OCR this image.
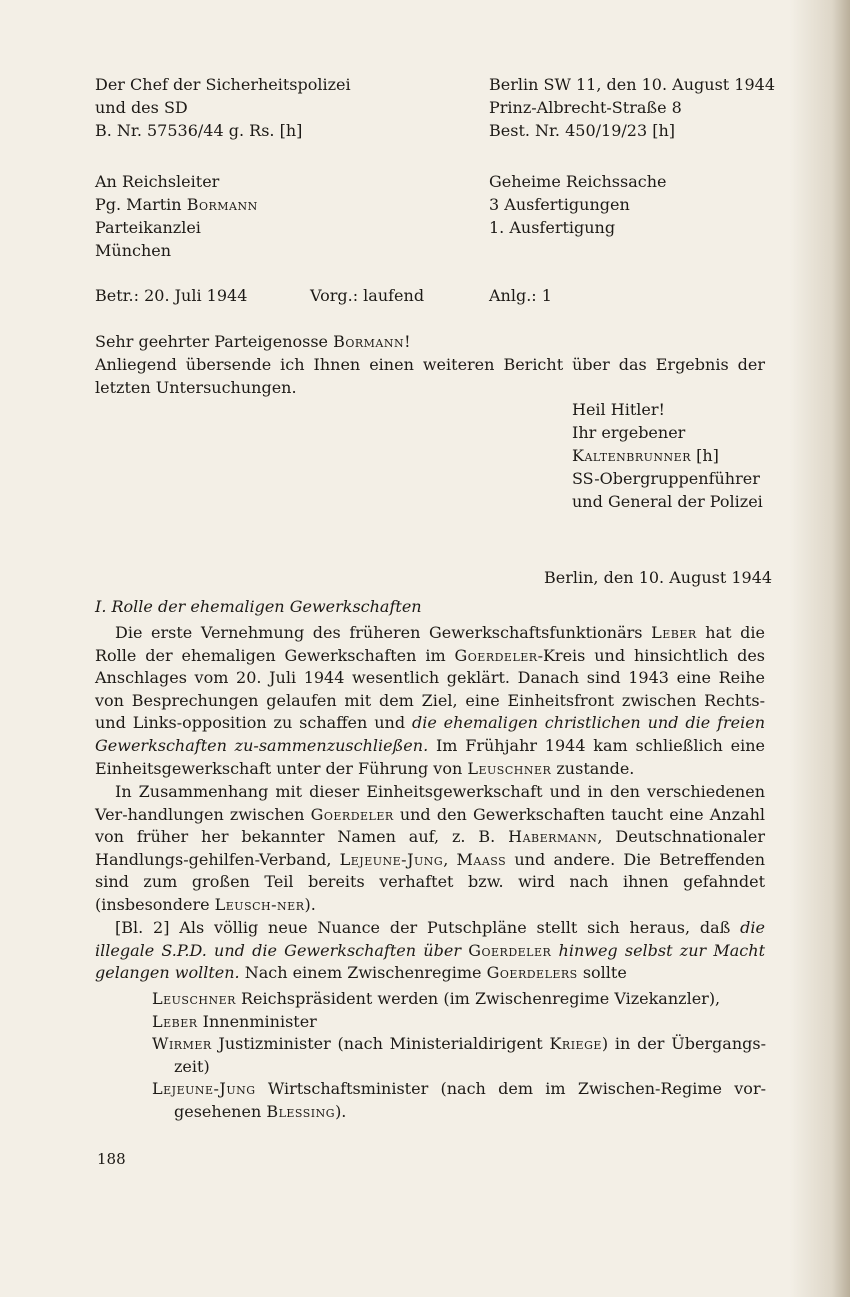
Der Chef der Sicherheitspolizei
und des SD
B. Nr. 57536/44 g. Rs. [h]
Berlin SW 11, den 10. August 1944
Prinz-Albrecht-Straße 8
Best. Nr. 450/19/23 [h]
An Reichsleiter
Pg. Martin Bormann
Parteikanzlei
München
Geheime Reichssache
3 Ausfertigungen
1. Ausfertigung
Betr.: 20. Juli 1944	Vorg.: laufend	Anlg.: 1
Sehr geehrter Parteigenosse Bormann!
Anliegend übersende ich Ihnen einen weiteren Bericht über das Ergebnis der letzten Untersuchungen.
Heil Hitler!
Ihr ergebener
Kaltenbrunner [h]
SS-Obergruppenführer
und General der Polizei
Berlin, den 10. August 1944
I. Rolle der ehemaligen Gewerkschaften
Die erste Vernehmung des früheren Gewerkschaftsfunktionärs Leber hat die Rolle der ehemaligen Gewerkschaften im Goerdeler-Kreis und hinsichtlich des Anschlages vom 20. Juli 1944 wesentlich geklärt. Danach sind 1943 eine Reihe von Besprechungen gelaufen mit dem Ziel, eine Einheitsfront zwischen Rechts- und Links-opposition zu schaffen und die ehemaligen christlichen und die freien Gewerkschaften zu-sammenzuschließen. Im Frühjahr 1944 kam schließlich eine Einheitsgewerkschaft unter der Führung von Leuschner zustande.
In Zusammenhang mit dieser Einheitsgewerkschaft und in den verschiedenen Ver-handlungen zwischen Goerdeler und den Gewerkschaften taucht eine Anzahl von früher her bekannter Namen auf, z. B. Habermann, Deutschnationaler Handlungs-gehilfen-Verband, Lejeune-Jung, Maass und andere. Die Betreffenden sind zum großen Teil bereits verhaftet bzw. wird nach ihnen gefahndet (insbesondere Leusch-ner).
[Bl. 2] Als völlig neue Nuance der Putschpläne stellt sich heraus, daß die illegale S.P.D. und die Gewerkschaften über Goerdeler hinweg selbst zur Macht gelangen wollten. Nach einem Zwischenregime Goerdelers sollte
Leuschner Reichspräsident werden (im Zwischenregime Vizekanzler),
Leber Innenminister
Wirmer Justizminister (nach Ministerialdirigent Kriege) in der Übergangs-zeit)
Lejeune-Jung Wirtschaftsminister (nach dem im Zwischen-Regime vor-gesehenen Blessing).
188
